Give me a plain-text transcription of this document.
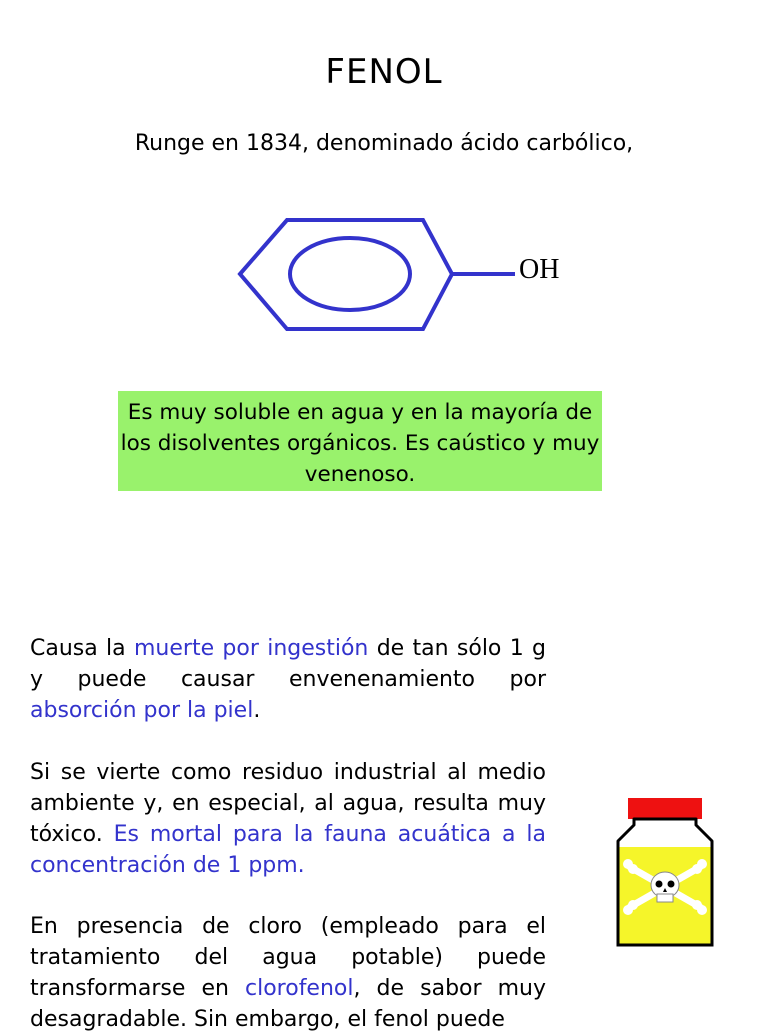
FENOL
Runge en 1834, denominado ácido carbólico,
OH
Es muy soluble en agua y en la mayoría de los disolventes orgánicos. Es caústico y muy venenoso.
Causa la muerte por ingestión de tan sólo 1 g y puede causar envenenamiento por absorción por la piel.
Si se vierte como residuo industrial al medio ambiente y, en especial, al agua, resulta muy tóxico. Es mortal para la fauna acuática a la concentración de 1 ppm.
En presencia de cloro (empleado para el tratamiento del agua potable) puede transformarse en clorofenol, de sabor muy desagradable. Sin embargo, el fenol puede
